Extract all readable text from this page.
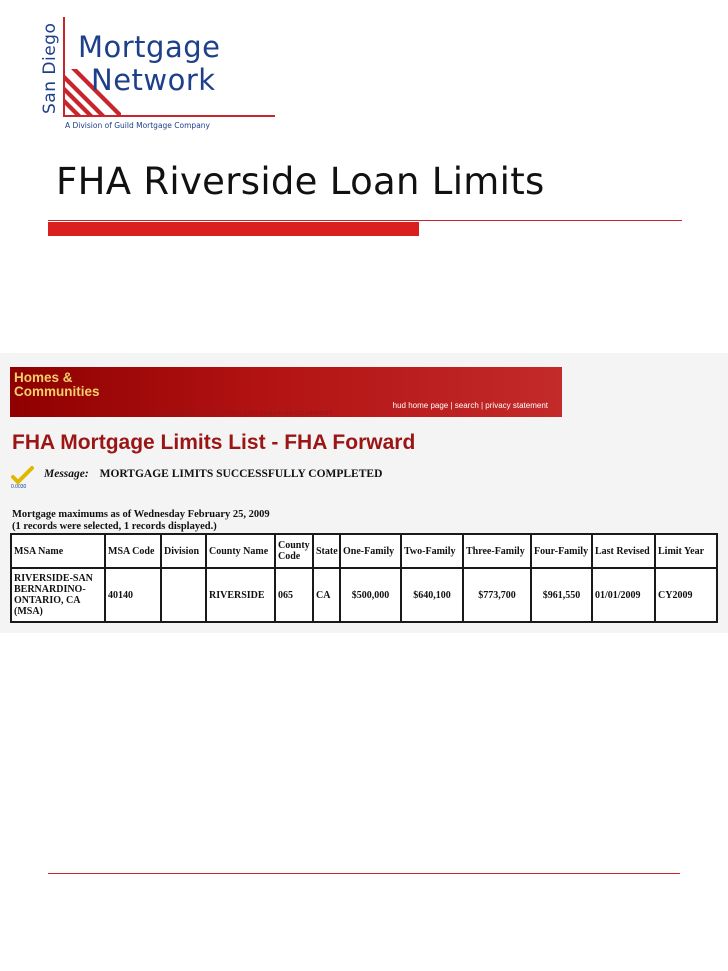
San Diego Mortgage
Network
A Division of Guild Mortgage Company
FHA Riverside Loan Limits
Homes &
Communities
hud home page | search | privacy statement
U.S. DEPARTMENT OF HOUSING AND URBAN DEVELOPMENT
FHA Mortgage Limits List - FHA Forward
0.0030
Message: MORTGAGE LIMITS SUCCESSFULLY COMPLETED
Mortgage maximums as of Wednesday February 25, 2009
(1 records were selected, 1 records displayed.)
MSA Name	MSA Code	Division	County Name	County Code	State	One-Family	Two-Family	Three-Family	Four-Family	Last Revised	Limit Year
RIVERSIDE-SAN BERNARDINO-ONTARIO, CA (MSA)	40140		RIVERSIDE	065	CA	$500,000	$640,100	$773,700	$961,550	01/01/2009	CY2009
